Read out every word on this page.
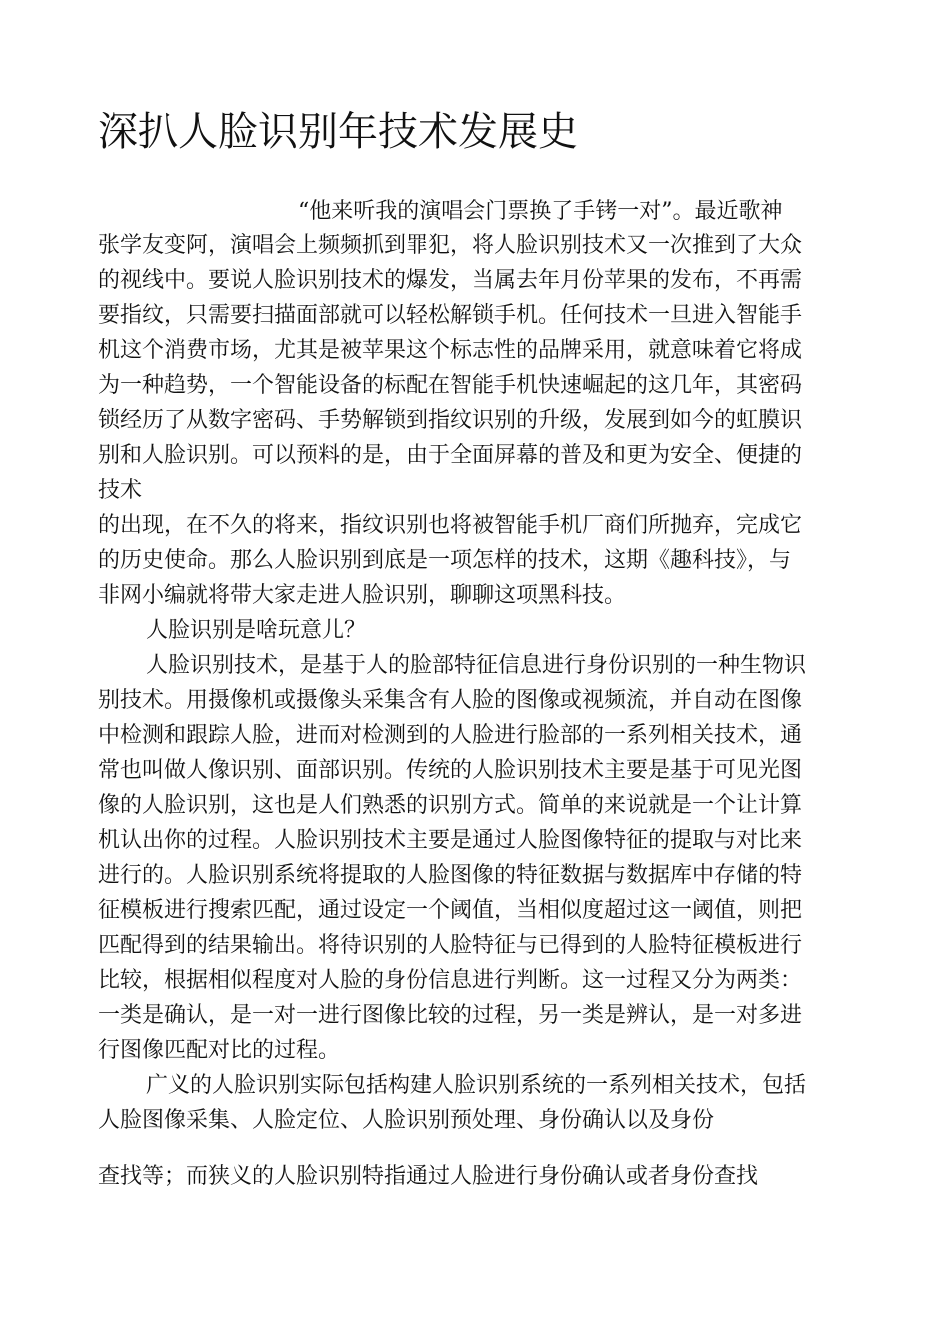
深扒人脸识别年技术发展史

“他来听我的演唱会门票换了手铐一对”。最近歌神

张学友变阿，演唱会上频频抓到罪犯，将人脸识别技术又一次推到了大众

的视线中。要说人脸识别技术的爆发，当属去年月份苹果的发布，不再需

要指纹，只需要扫描面部就可以轻松解锁手机。任何技术一旦进入智能手

机这个消费市场，尤其是被苹果这个标志性的品牌采用，就意味着它将成

为一种趋势，一个智能设备的标配在智能手机快速崛起的这几年，其密码

锁经历了从数字密码、手势解锁到指纹识别的升级，发展到如今的虹膜识

别和人脸识别。可以预料的是，由于全面屏幕的普及和更为安全、便捷的

技术

的出现，在不久的将来，指纹识别也将被智能手机厂商们所抛弃，完成它

的历史使命。那么人脸识别到底是一项怎样的技术，这期《趣科技》，与

非网小编就将带大家走进人脸识别，聊聊这项黑科技。

人脸识别是啥玩意儿？

人脸识别技术，是基于人的脸部特征信息进行身份识别的一种生物识

别技术。用摄像机或摄像头采集含有人脸的图像或视频流，并自动在图像

中检测和跟踪人脸，进而对检测到的人脸进行脸部的一系列相关技术，通

常也叫做人像识别、面部识别。传统的人脸识别技术主要是基于可见光图

像的人脸识别，这也是人们熟悉的识别方式。简单的来说就是一个让计算

机认出你的过程。人脸识别技术主要是通过人脸图像特征的提取与对比来

进行的。人脸识别系统将提取的人脸图像的特征数据与数据库中存储的特

征模板进行搜索匹配，通过设定一个阈值，当相似度超过这一阈值，则把

匹配得到的结果输出。将待识别的人脸特征与已得到的人脸特征模板进行

比较，根据相似程度对人脸的身份信息进行判断。这一过程又分为两类：

一类是确认，是一对一进行图像比较的过程，另一类是辨认，是一对多进

行图像匹配对比的过程。

广义的人脸识别实际包括构建人脸识别系统的一系列相关技术，包括

人脸图像采集、人脸定位、人脸识别预处理、身份确认以及身份

查找等；而狭义的人脸识别特指通过人脸进行身份确认或者身份查找
